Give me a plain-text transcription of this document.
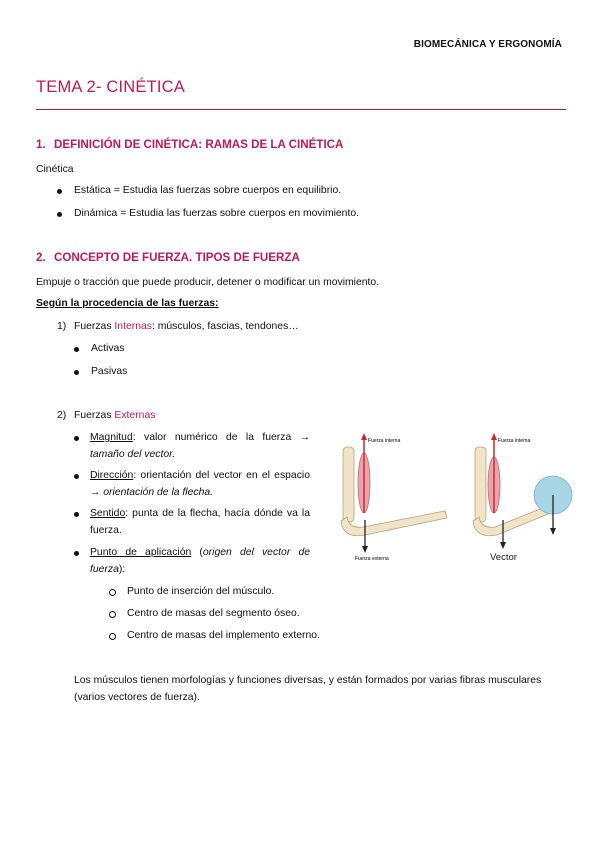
BIOMECÁNICA Y ERGONOMÍA
TEMA 2- CINÉTICA
1. DEFINICIÓN DE CINÉTICA: RAMAS DE LA CINÉTICA
Cinética
Estática = Estudia las fuerzas sobre cuerpos en equilibrio.
Dinámica = Estudia las fuerzas sobre cuerpos en movimiento.
2. CONCEPTO DE FUERZA. TIPOS DE FUERZA
Empuje o tracción que puede producir, detener o modificar un movimiento.
Según la procedencia de las fuerzas:
1) Fuerzas Internas: músculos, fascias, tendones…
Activas
Pasivas
2) Fuerzas Externas
Magnitud: valor numérico de la fuerza → tamaño del vector.
Dirección: orientación del vector en el espacio → orientación de la flecha.
Sentido: punta de la flecha, hacía dónde va la fuerza.
Punto de aplicación (origen del vector de fuerza):
Punto de inserción del músculo.
Centro de masas del segmento óseo.
Centro de masas del implemento externo.
Los músculos tienen morfologías y funciones diversas, y están formados por varias fibras musculares (varios vectores de fuerza).
Fuerza interna
Fuerza externa
Fuerza interna
Vector
